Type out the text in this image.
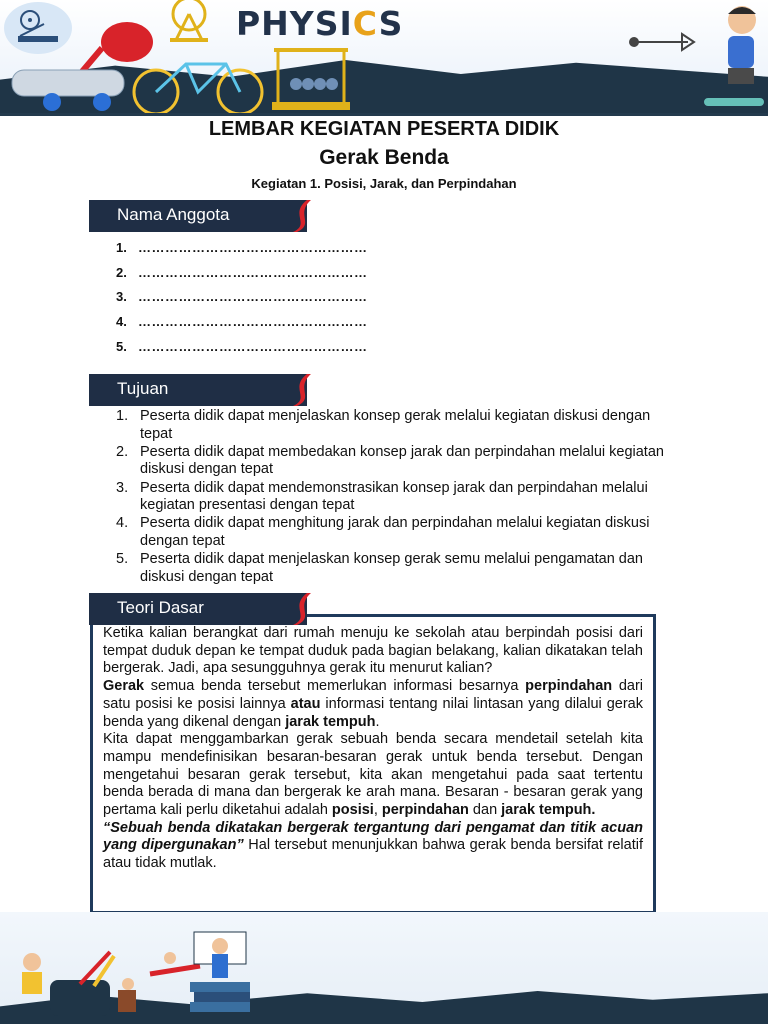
PHYSICS
LEMBAR KEGIATAN PESERTA DIDIK
Gerak Benda
Kegiatan 1. Posisi, Jarak, dan Perpindahan
Nama Anggota
1. ……………………………………………
2. ……………………………………………
3. ……………………………………………
4. ……………………………………………
5. ……………………………………………
Tujuan
1. Peserta didik dapat menjelaskan konsep gerak melalui kegiatan diskusi dengan tepat
2. Peserta didik dapat membedakan konsep jarak dan perpindahan melalui kegiatan diskusi dengan tepat
3. Peserta didik dapat mendemonstrasikan konsep jarak dan perpindahan melalui kegiatan presentasi dengan tepat
4. Peserta didik dapat menghitung jarak dan perpindahan melalui kegiatan diskusi dengan tepat
5. Peserta didik dapat menjelaskan konsep gerak semu melalui pengamatan dan diskusi dengan tepat
Teori Dasar

Ketika kalian berangkat dari rumah menuju ke sekolah atau berpindah posisi dari tempat duduk depan ke tempat duduk pada bagian belakang, kalian dikatakan telah bergerak. Jadi, apa sesungguhnya gerak itu menurut kalian?

Gerak semua benda tersebut memerlukan informasi besarnya perpindahan dari satu posisi ke posisi lainnya atau informasi tentang nilai lintasan yang dilalui gerak benda yang dikenal dengan jarak tempuh.

Kita dapat menggambarkan gerak sebuah benda secara mendetail setelah kita mampu mendefinisikan besaran-besaran gerak untuk benda tersebut. Dengan mengetahui besaran gerak tersebut, kita akan mengetahui pada saat tertentu benda berada di mana dan bergerak ke arah mana. Besaran - besaran gerak yang pertama kali perlu diketahui adalah posisi, perpindahan dan jarak tempuh.

“Sebuah benda dikatakan bergerak tergantung dari pengamat dan titik acuan yang dipergunakan” Hal tersebut menunjukkan bahwa gerak benda bersifat relatif atau tidak mutlak.
